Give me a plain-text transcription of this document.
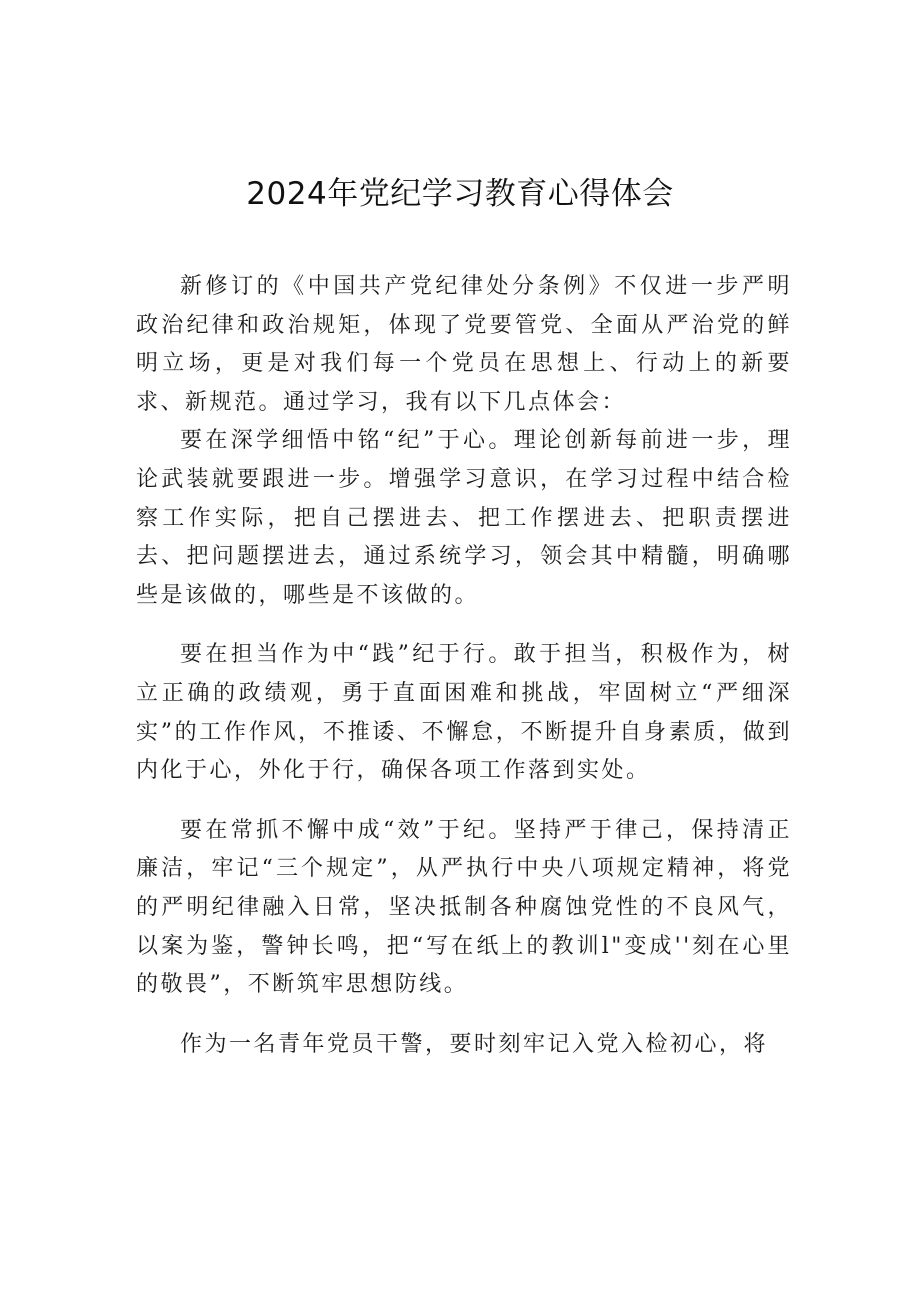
2024年党纪学习教育心得体会

新修订的《中国共产党纪律处分条例》不仅进一步严明政治纪律和政治规矩，体现了党要管党、全面从严治党的鲜明立场，更是对我们每一个党员在思想上、行动上的新要求、新规范。通过学习，我有以下几点体会：

要在深学细悟中铭“纪”于心。理论创新每前进一步，理论武装就要跟进一步。增强学习意识，在学习过程中结合检察工作实际，把自己摆进去、把工作摆进去、把职责摆进去、把问题摆进去，通过系统学习，领会其中精髓，明确哪些是该做的，哪些是不该做的。

要在担当作为中“践”纪于行。敢于担当，积极作为，树立正确的政绩观，勇于直面困难和挑战，牢固树立“严细深实”的工作作风，不推诿、不懈怠，不断提升自身素质，做到内化于心，外化于行，确保各项工作落到实处。

要在常抓不懈中成“效”于纪。坚持严于律己，保持清正廉洁，牢记“三个规定”，从严执行中央八项规定精神，将党的严明纪律融入日常，坚决抵制各种腐蚀党性的不良风气，以案为鉴，警钟长鸣，把“写在纸上的教训l"变成''刻在心里的敬畏”，不断筑牢思想防线。

作为一名青年党员干警，要时刻牢记入党入检初心，将
